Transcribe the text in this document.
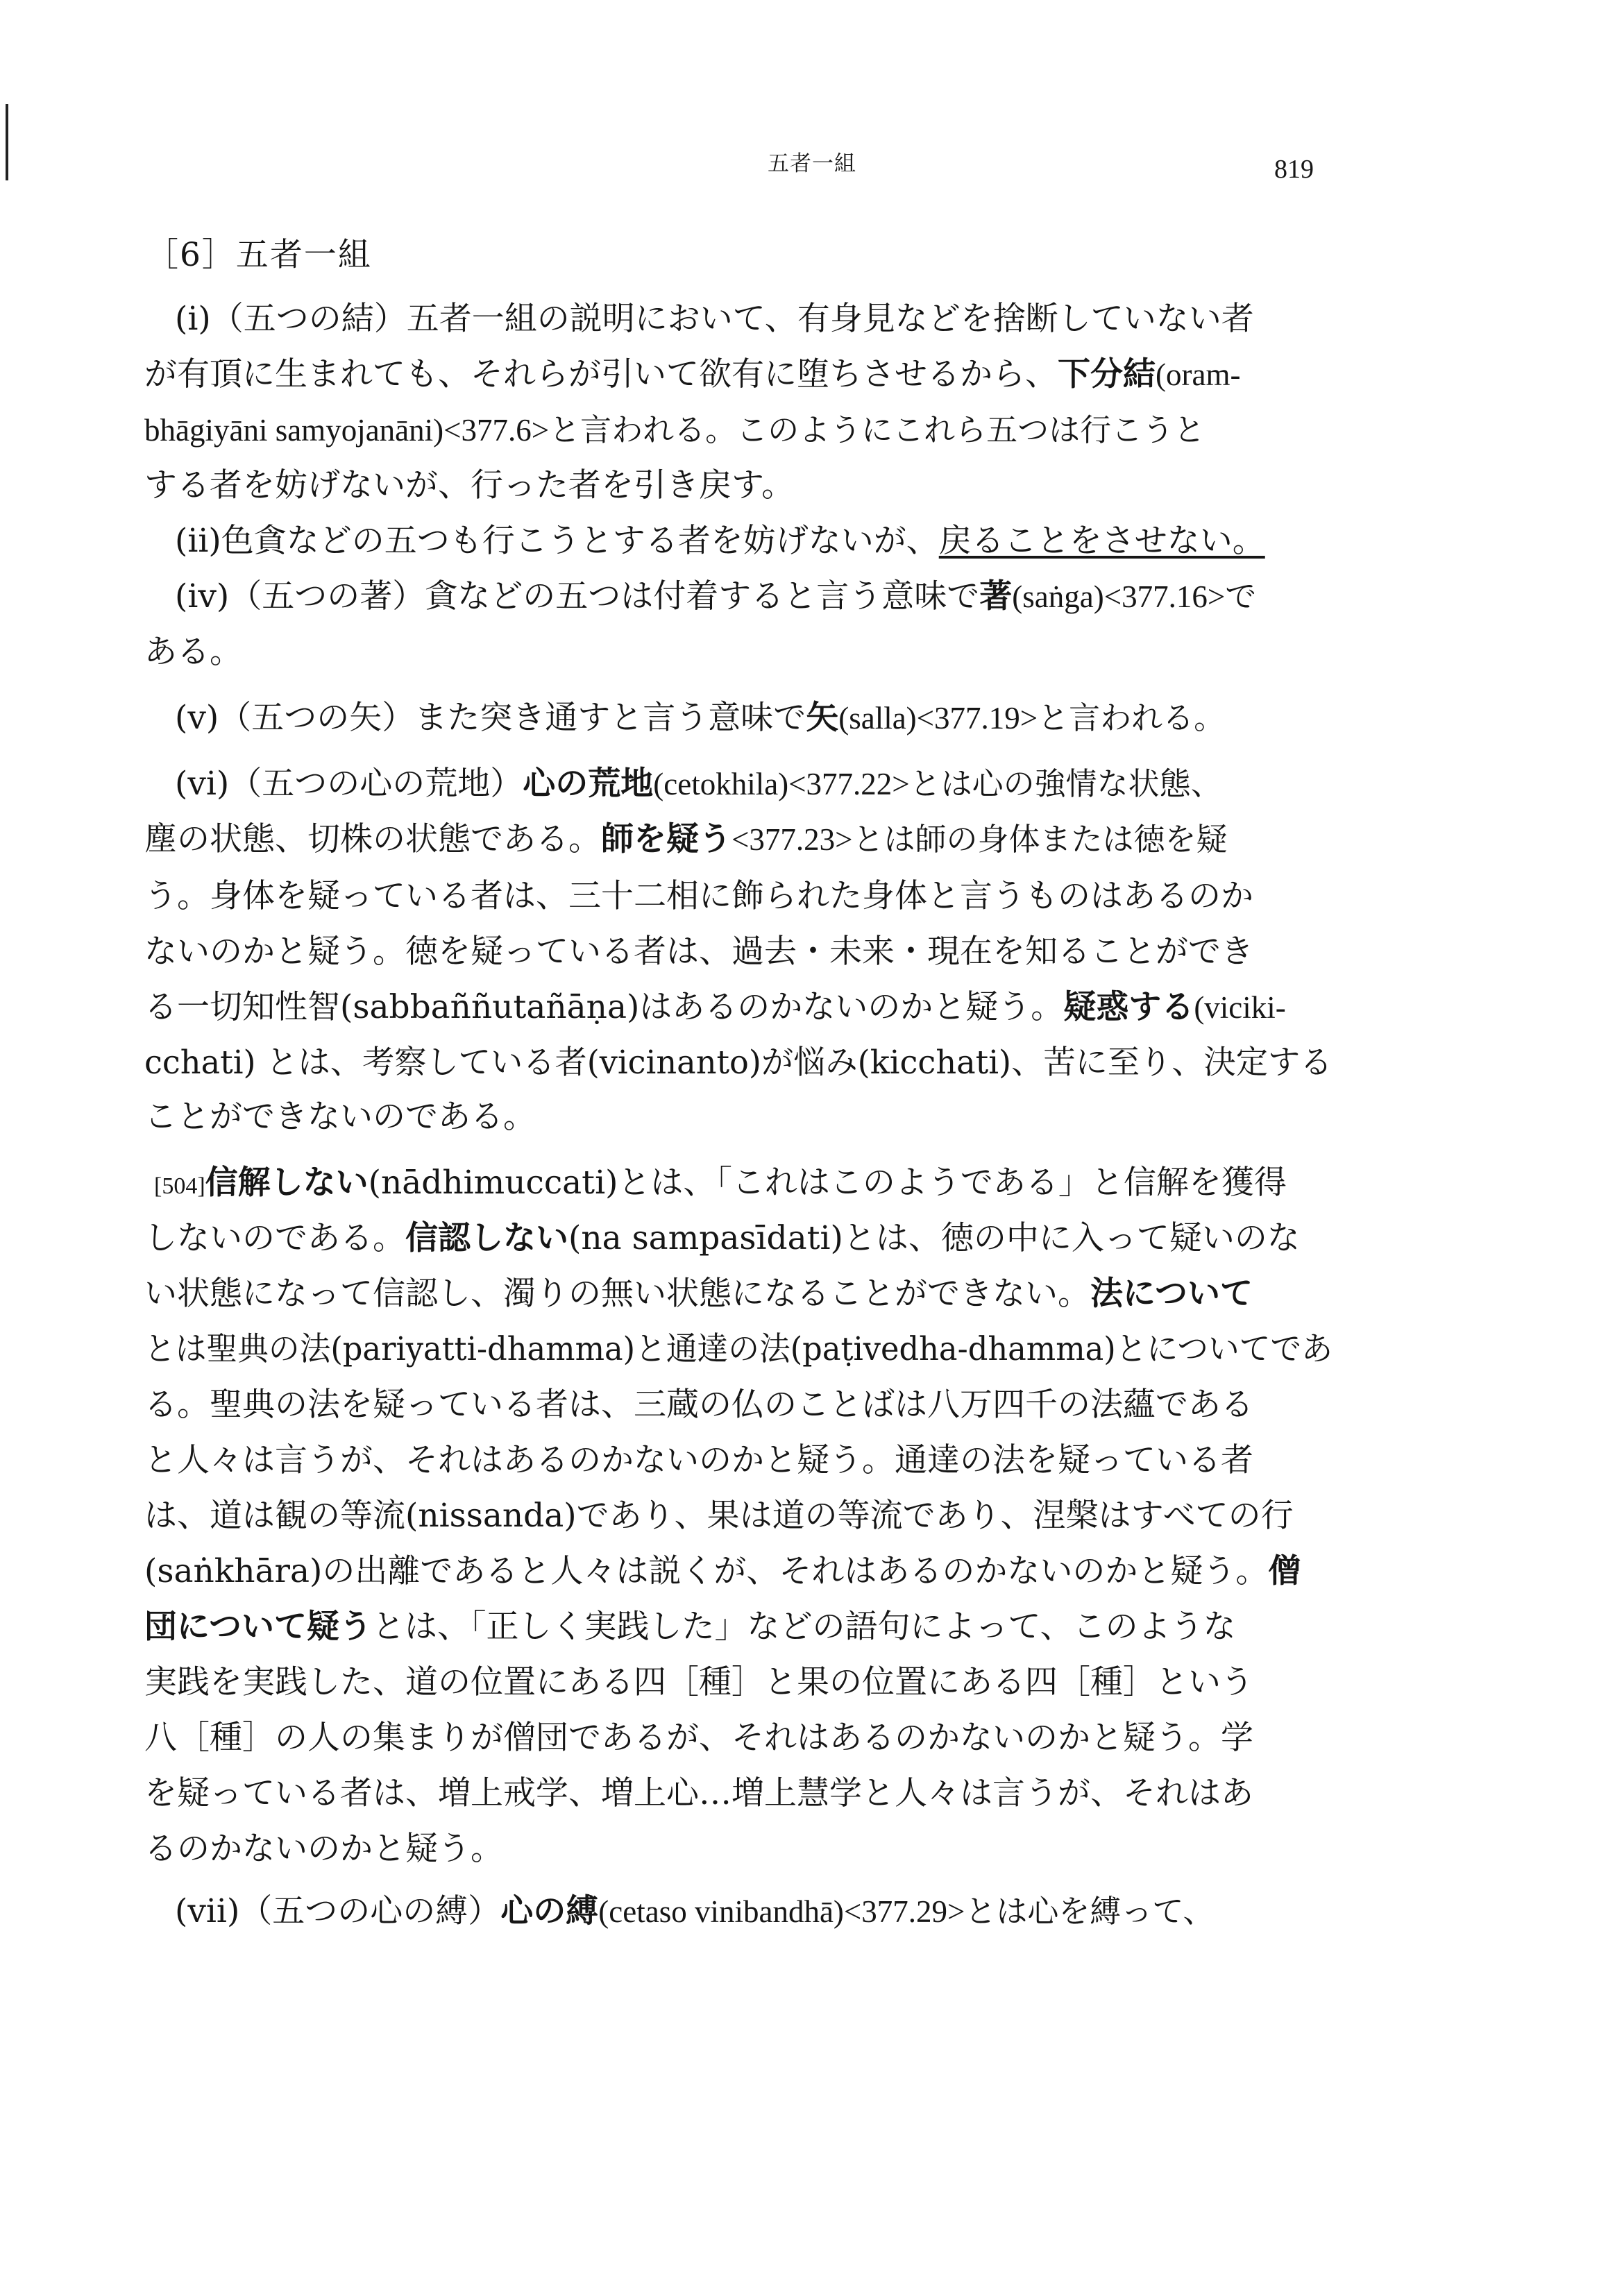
五者一組	819
［6］五者一組
(i)（五つの結）五者一組の説明において、有身見などを捨断していない者
が有頂に生まれても、それらが引いて欲有に堕ちさせるから、下分結(oram-
bhāgiyāni samyojanāni)<377.6>と言われる。このようにこれら五つは行こうと
する者を妨げないが、行った者を引き戻す。
(ii)色貪などの五つも行こうとする者を妨げないが、戻ることをさせない。
(iv)（五つの著）貪などの五つは付着すると言う意味で著(saṅga)<377.16>で
ある。
(v)（五つの矢）また突き通すと言う意味で矢(salla)<377.19>と言われる。
(vi)（五つの心の荒地）心の荒地(cetokhila)<377.22>とは心の強情な状態、
塵の状態、切株の状態である。師を疑う<377.23>とは師の身体または徳を疑
う。身体を疑っている者は、三十二相に飾られた身体と言うものはあるのか
ないのかと疑う。徳を疑っている者は、過去・未来・現在を知ることができ
る一切知性智(sabbaññutañāṇa)はあるのかないのかと疑う。疑惑する(viciki-
cchati) とは、考察している者(vicinanto)が悩み(kicchati)、苦に至り、決定する
ことができないのである。
[504]信解しない(nādhimuccati)とは、「これはこのようである」と信解を獲得
しないのである。信認しない(na sampasīdati)とは、徳の中に入って疑いのな
い状態になって信認し、濁りの無い状態になることができない。法について
とは聖典の法(pariyatti-dhamma)と通達の法(paṭivedha-dhamma)とについてであ
る。聖典の法を疑っている者は、三蔵の仏のことばは八万四千の法蘊である
と人々は言うが、それはあるのかないのかと疑う。通達の法を疑っている者
は、道は観の等流(nissanda)であり、果は道の等流であり、涅槃はすべての行
(saṅkhāra)の出離であると人々は説くが、それはあるのかないのかと疑う。僧
団について疑うとは、「正しく実践した」などの語句によって、このような
実践を実践した、道の位置にある四［種］と果の位置にある四［種］という
八［種］の人の集まりが僧団であるが、それはあるのかないのかと疑う。学
を疑っている者は、増上戒学、増上心…増上慧学と人々は言うが、それはあ
るのかないのかと疑う。
(vii)（五つの心の縛）心の縛(cetaso vinibandhā)<377.29>とは心を縛って、
